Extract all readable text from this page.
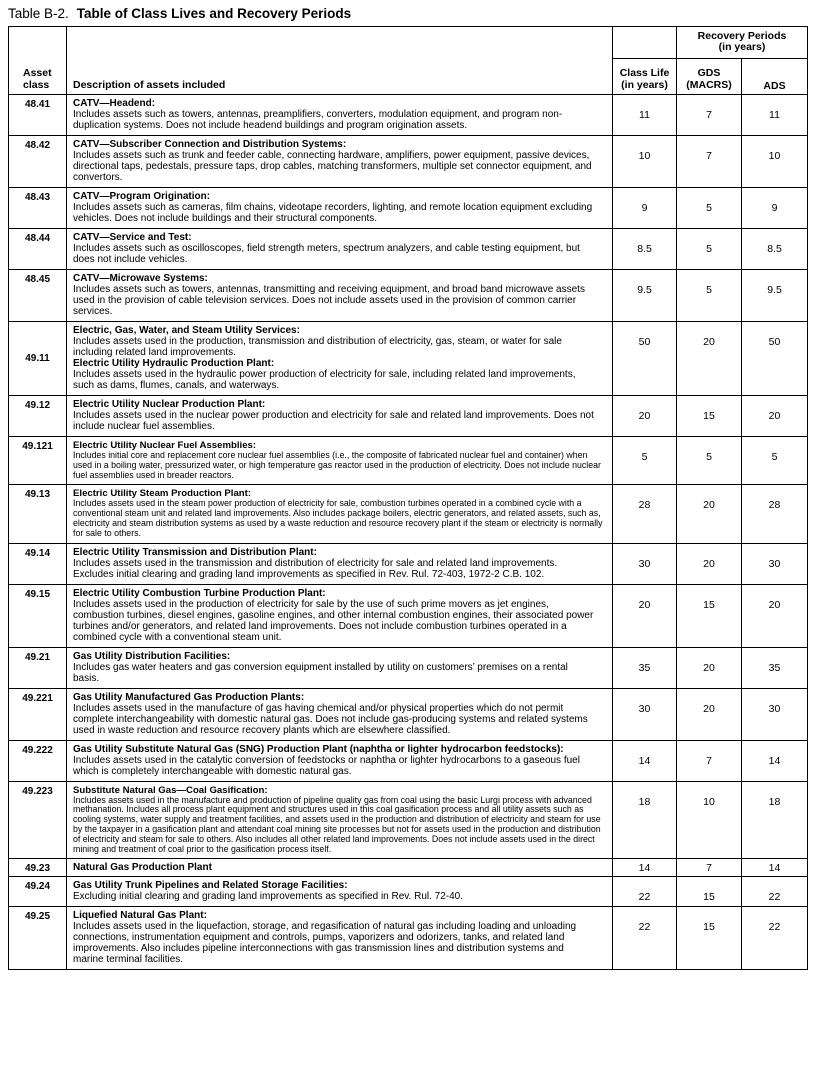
Table B-2. Table of Class Lives and Recovery Periods
Asset
class	Description of assets included		
Recovery Periods
(in years)

Class Life
(in years)

GDS
(MACRS)	ADS
48.41	CATV—Headend:
Includes assets such as towers, antennas, preamplifiers, converters, modulation equipment, and program non-duplication systems. Does not include headend buildings and program origination assets.	11	7	11
48.42	CATV—Subscriber Connection and Distribution Systems:
Includes assets such as trunk and feeder cable, connecting hardware, amplifiers, power equipment, passive devices, directional taps, pedestals, pressure taps, drop cables, matching transformers, multiple set connector equipment, and convertors.	10	7	10
48.43	CATV—Program Origination:
Includes assets such as cameras, film chains, videotape recorders, lighting, and remote location equipment excluding vehicles. Does not include buildings and their structural components.	9	5	9
48.44	CATV—Service and Test:
Includes assets such as oscilloscopes, field strength meters, spectrum analyzers, and cable testing equipment, but does not include vehicles.	8.5	5	8.5
48.45	CATV—Microwave Systems:
Includes assets such as towers, antennas, transmitting and receiving equipment, and broad band microwave assets used in the provision of cable television services. Does not include assets used in the provision of common carrier services.	9.5	5	9.5
49.11	Electric, Gas, Water, and Steam Utility Services:
Includes assets used in the production, transmission and distribution of electricity, gas, steam, or water for sale including related land improvements.
Electric Utility Hydraulic Production Plant:
Includes assets used in the hydraulic power production of electricity for sale, including related land improvements, such as dams, flumes, canals, and waterways.	50	20	50
49.12	Electric Utility Nuclear Production Plant:
Includes assets used in the nuclear power production and electricity for sale and related land improvements. Does not include nuclear fuel assemblies.	20	15	20
49.121	Electric Utility Nuclear Fuel Assemblies:
Includes initial core and replacement core nuclear fuel assemblies (i.e., the composite of fabricated nuclear fuel and container) when used in a boiling water, pressurized water, or high temperature gas reactor used in the production of electricity. Does not include nuclear fuel assemblies used in breader reactors.	5	5	5
49.13	Electric Utility Steam Production Plant:
Includes assets used in the steam power production of electricity for sale, combustion turbines operated in a combined cycle with a conventional steam unit and related land improvements. Also includes package boilers, electric generators, and related assets, such as, electricity and steam distribution systems as used by a waste reduction and resource recovery plant if the steam or electricity is normally for sale to others.	28	20	28
49.14	Electric Utility Transmission and Distribution Plant:
Includes assets used in the transmission and distribution of electricity for sale and related land improvements. Excludes initial clearing and grading land improvements as specified in Rev. Rul. 72-403, 1972-2 C.B. 102.	30	20	30
49.15	Electric Utility Combustion Turbine Production Plant:
Includes assets used in the production of electricity for sale by the use of such prime movers as jet engines, combustion turbines, diesel engines, gasoline engines, and other internal combustion engines, their associated power turbines and/or generators, and related land improvements. Does not include combustion turbines operated in a combined cycle with a conventional steam unit.	20	15	20
49.21	Gas Utility Distribution Facilities:
Includes gas water heaters and gas conversion equipment installed by utility on customers’ premises on a rental basis.	35	20	35
49.221	Gas Utility Manufactured Gas Production Plants:
Includes assets used in the manufacture of gas having chemical and/or physical properties which do not permit complete interchangeability with domestic natural gas. Does not include gas-producing systems and related systems used in waste reduction and resource recovery plants which are elsewhere classified.	30	20	30
49.222	Gas Utility Substitute Natural Gas (SNG) Production Plant (naphtha or lighter hydrocarbon feedstocks):
Includes assets used in the catalytic conversion of feedstocks or naphtha or lighter hydrocarbons to a gaseous fuel which is completely interchangeable with domestic natural gas.	14	7	14
49.223	Substitute Natural Gas—Coal Gasification:
Includes assets used in the manufacture and production of pipeline quality gas from coal using the basic Lurgi process with advanced methanation. Includes all process plant equipment and structures used in this coal gasification process and all utility assets such as cooling systems, water supply and treatment facilities, and assets used in the production and distribution of electricity and steam for use by the taxpayer in a gasification plant and attendant coal mining site processes but not for assets used in the production and distribution of electricity and steam for sale to others. Also includes all other related land improvements. Does not include assets used in the direct mining and treatment of coal prior to the gasification process itself.	18	10	18
49.23	Natural Gas Production Plant	14	7	14
49.24	Gas Utility Trunk Pipelines and Related Storage Facilities:
Excluding initial clearing and grading land improvements as specified in Rev. Rul. 72-40.	22	15	22
49.25	Liquefied Natural Gas Plant:
Includes assets used in the liquefaction, storage, and regasification of natural gas including loading and unloading connections, instrumentation equipment and controls, pumps, vaporizers and odorizers, tanks, and related land improvements. Also includes pipeline interconnections with gas transmission lines and distribution systems and marine terminal facilities.	22	15	22
